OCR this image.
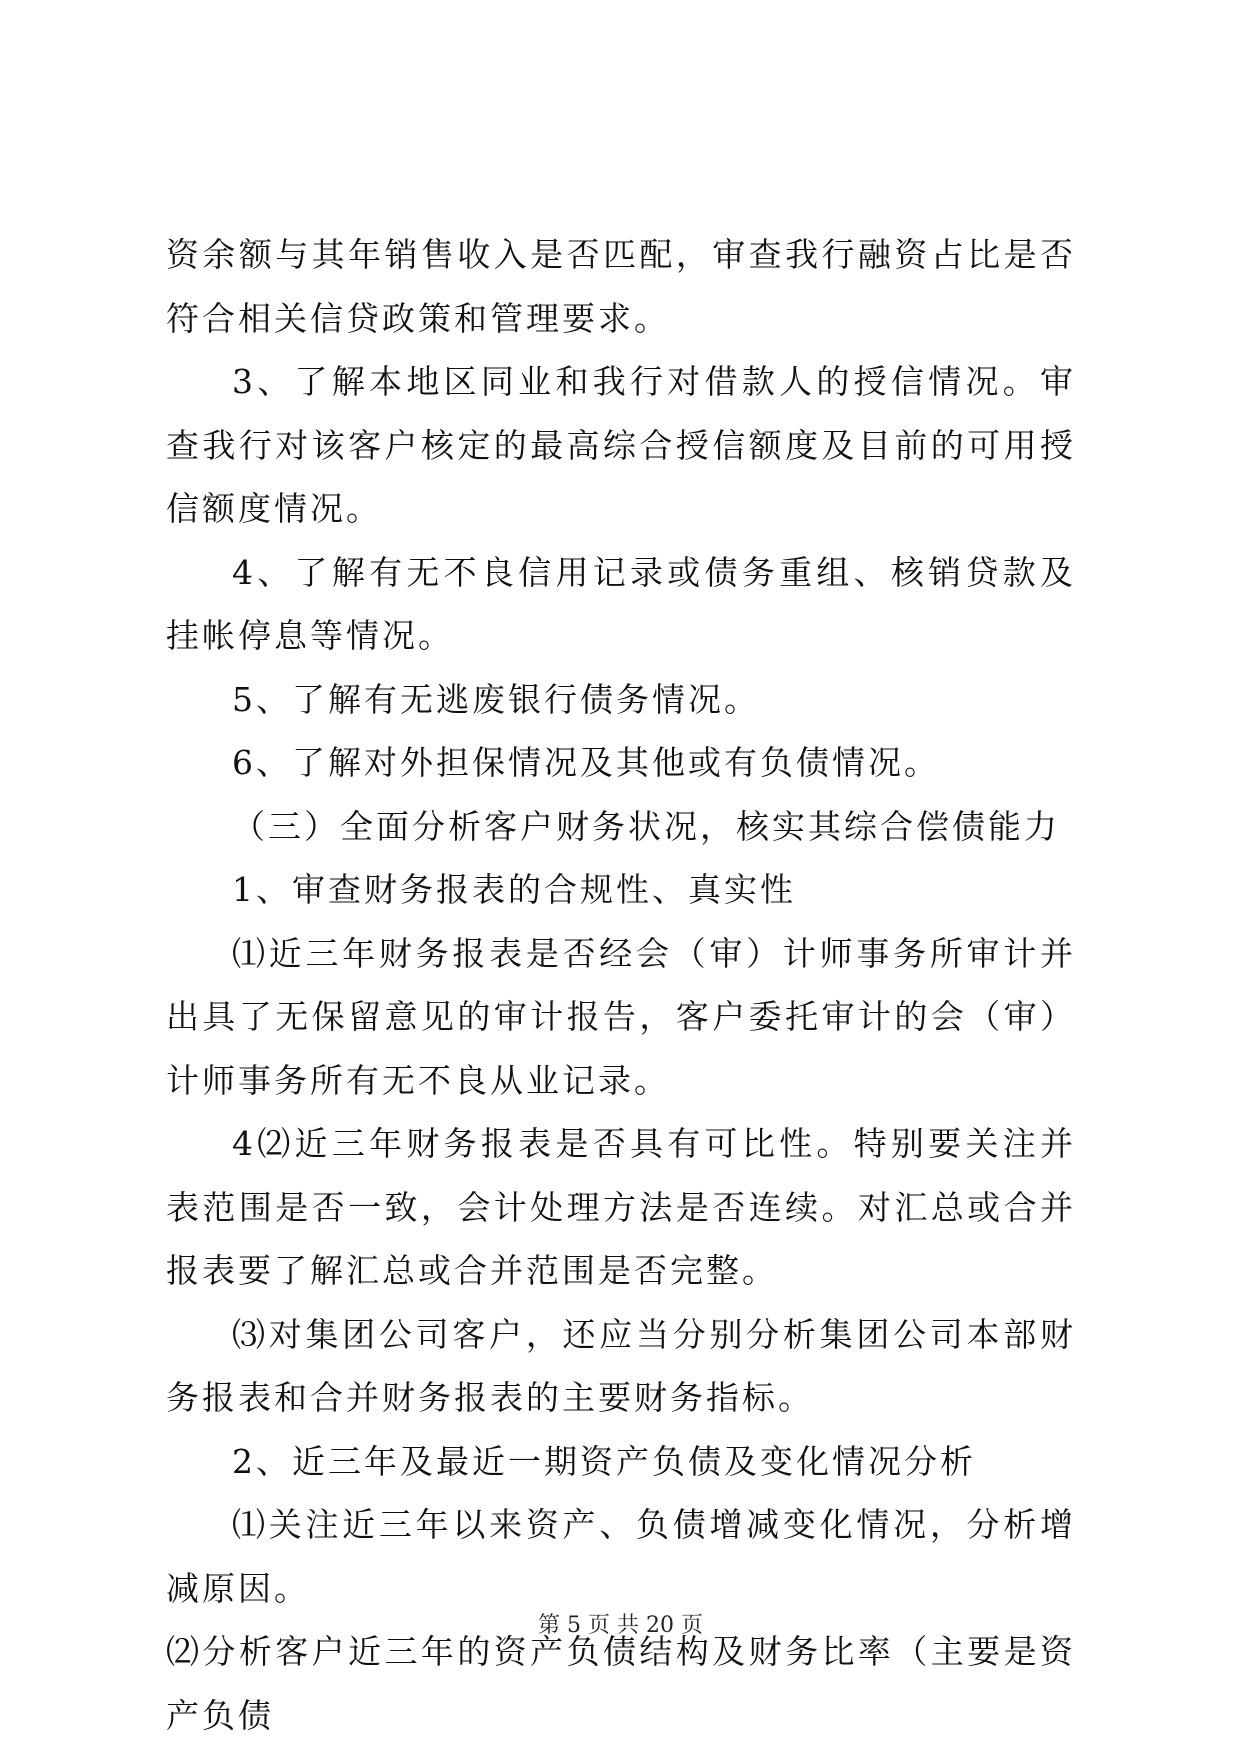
资余额与其年销售收入是否匹配，审查我行融资占比是否符合相关信贷政策和管理要求。

3、了解本地区同业和我行对借款人的授信情况。审查我行对该客户核定的最高综合授信额度及目前的可用授信额度情况。

4、了解有无不良信用记录或债务重组、核销贷款及挂帐停息等情况。

5、了解有无逃废银行债务情况。

6、了解对外担保情况及其他或有负债情况。

（三）全面分析客户财务状况，核实其综合偿债能力

1、审查财务报表的合规性、真实性

⑴近三年财务报表是否经会（审）计师事务所审计并出具了无保留意见的审计报告，客户委托审计的会（审）计师事务所有无不良从业记录。

4⑵近三年财务报表是否具有可比性。特别要关注并表范围是否一致，会计处理方法是否连续。对汇总或合并报表要了解汇总或合并范围是否完整。

⑶对集团公司客户，还应当分别分析集团公司本部财务报表和合并财务报表的主要财务指标。

2、近三年及最近一期资产负债及变化情况分析

⑴关注近三年以来资产、负债增减变化情况，分析增减原因。

⑵分析客户近三年的资产负债结构及财务比率（主要是资产负债

第 5 页 共 20 页
